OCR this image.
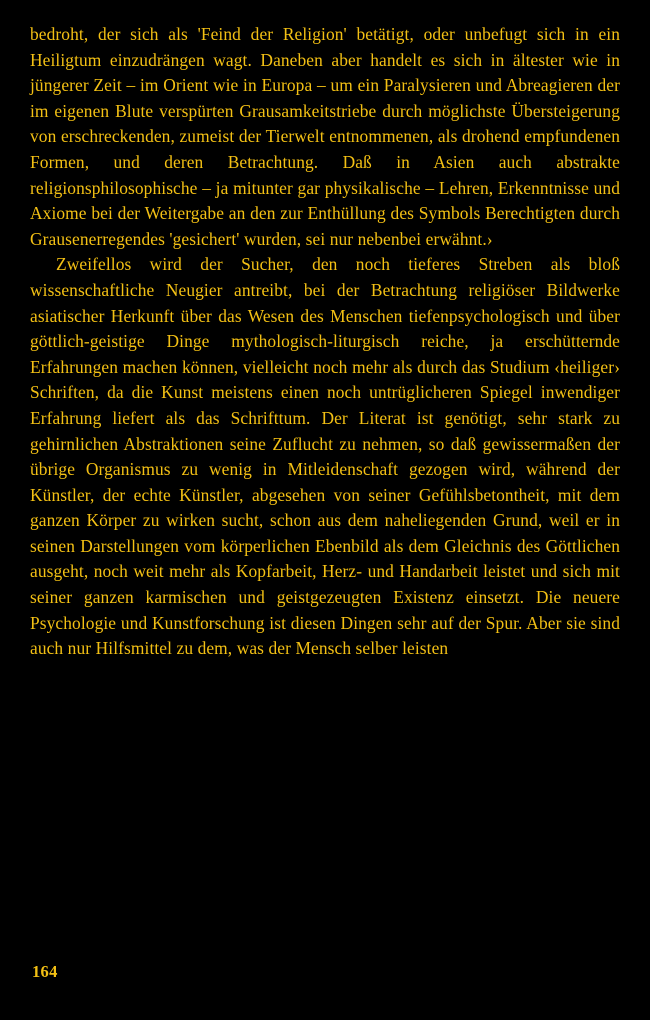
bedroht, der sich als 'Feind der Religion' betätigt, oder unbefugt sich in ein Heiligtum einzudrängen wagt. Daneben aber handelt es sich in ältester wie in jüngerer Zeit – im Orient wie in Europa – um ein Paralysieren und Abreagieren der im eigenen Blute verspürten Grausamkeitstriebe durch möglichste Übersteigerung von erschreckenden, zumeist der Tierwelt entnommenen, als drohend empfundenen Formen, und deren Betrachtung. Daß in Asien auch abstrakte religionsphilosophische – ja mitunter gar physikalische – Lehren, Erkenntnisse und Axiome bei der Weitergabe an den zur Enthüllung des Symbols Berechtigten durch Grausenerregendes 'gesichert' wurden, sei nur nebenbei erwähnt.›

Zweifellos wird der Sucher, den noch tieferes Streben als bloß wissenschaftliche Neugier antreibt, bei der Betrachtung religiöser Bildwerke asiatischer Herkunft über das Wesen des Menschen tiefenpsychologisch und über göttlich-geistige Dinge mythologisch-liturgisch reiche, ja erschütternde Erfahrungen machen können, vielleicht noch mehr als durch das Studium ‹heiliger› Schriften, da die Kunst meistens einen noch untrüglicheren Spiegel inwendiger Erfahrung liefert als das Schrifttum. Der Literat ist genötigt, sehr stark zu gehirnlichen Abstraktionen seine Zuflucht zu nehmen, so daß gewissermaßen der übrige Organismus zu wenig in Mitleidenschaft gezogen wird, während der Künstler, der echte Künstler, abgesehen von seiner Gefühlsbetontheit, mit dem ganzen Körper zu wirken sucht, schon aus dem naheliegenden Grund, weil er in seinen Darstellungen vom körperlichen Ebenbild als dem Gleichnis des Göttlichen ausgeht, noch weit mehr als Kopfarbeit, Herz- und Handarbeit leistet und sich mit seiner ganzen karmischen und geistgezeugten Existenz einsetzt. Die neuere Psychologie und Kunstforschung ist diesen Dingen sehr auf der Spur. Aber sie sind auch nur Hilfsmittel zu dem, was der Mensch selber leisten

164
